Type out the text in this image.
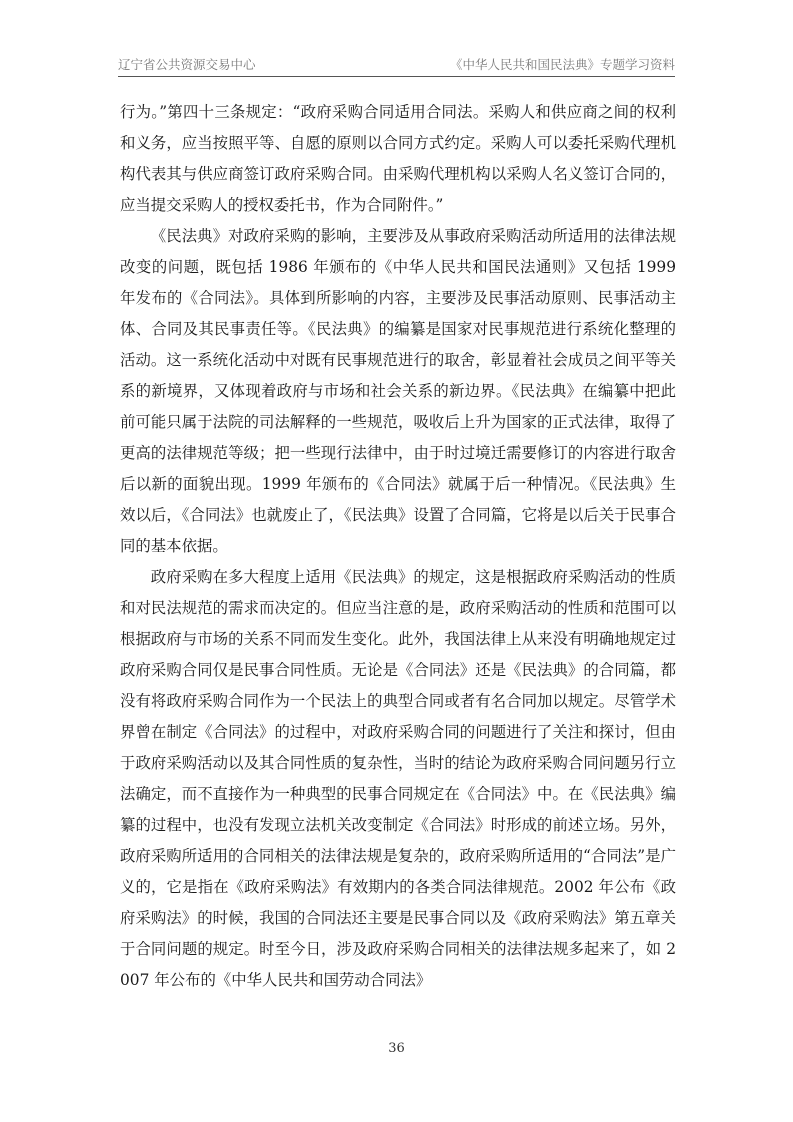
辽宁省公共资源交易中心	《中华人民共和国民法典》专题学习资料

行为。”第四十三条规定：“政府采购合同适用合同法。采购人和供应商之间的权利和义务，应当按照平等、自愿的原则以合同方式约定。采购人可以委托采购代理机构代表其与供应商签订政府采购合同。由采购代理机构以采购人名义签订合同的，应当提交采购人的授权委托书，作为合同附件。”

《民法典》对政府采购的影响，主要涉及从事政府采购活动所适用的法律法规改变的问题，既包括 1986 年颁布的《中华人民共和国民法通则》又包括 1999 年发布的《合同法》。具体到所影响的内容，主要涉及民事活动原则、民事活动主体、合同及其民事责任等。《民法典》的编纂是国家对民事规范进行系统化整理的活动。这一系统化活动中对既有民事规范进行的取舍，彰显着社会成员之间平等关系的新境界，又体现着政府与市场和社会关系的新边界。《民法典》在编纂中把此前可能只属于法院的司法解释的一些规范，吸收后上升为国家的正式法律，取得了更高的法律规范等级；把一些现行法律中，由于时过境迁需要修订的内容进行取舍后以新的面貌出现。1999 年颁布的《合同法》就属于后一种情况。《民法典》生效以后，《合同法》也就废止了，《民法典》设置了合同篇，它将是以后关于民事合同的基本依据。

政府采购在多大程度上适用《民法典》的规定，这是根据政府采购活动的性质和对民法规范的需求而决定的。但应当注意的是，政府采购活动的性质和范围可以根据政府与市场的关系不同而发生变化。此外，我国法律上从来没有明确地规定过政府采购合同仅是民事合同性质。无论是《合同法》还是《民法典》的合同篇，都没有将政府采购合同作为一个民法上的典型合同或者有名合同加以规定。尽管学术界曾在制定《合同法》的过程中，对政府采购合同的问题进行了关注和探讨，但由于政府采购活动以及其合同性质的复杂性，当时的结论为政府采购合同问题另行立法确定，而不直接作为一种典型的民事合同规定在《合同法》中。在《民法典》编纂的过程中，也没有发现立法机关改变制定《合同法》时形成的前述立场。另外，政府采购所适用的合同相关的法律法规是复杂的，政府采购所适用的“合同法”是广义的，它是指在《政府采购法》有效期内的各类合同法律规范。2002 年公布《政府采购法》的时候，我国的合同法还主要是民事合同以及《政府采购法》第五章关于合同问题的规定。时至今日，涉及政府采购合同相关的法律法规多起来了，如 2007 年公布的《中华人民共和国劳动合同法》

36
